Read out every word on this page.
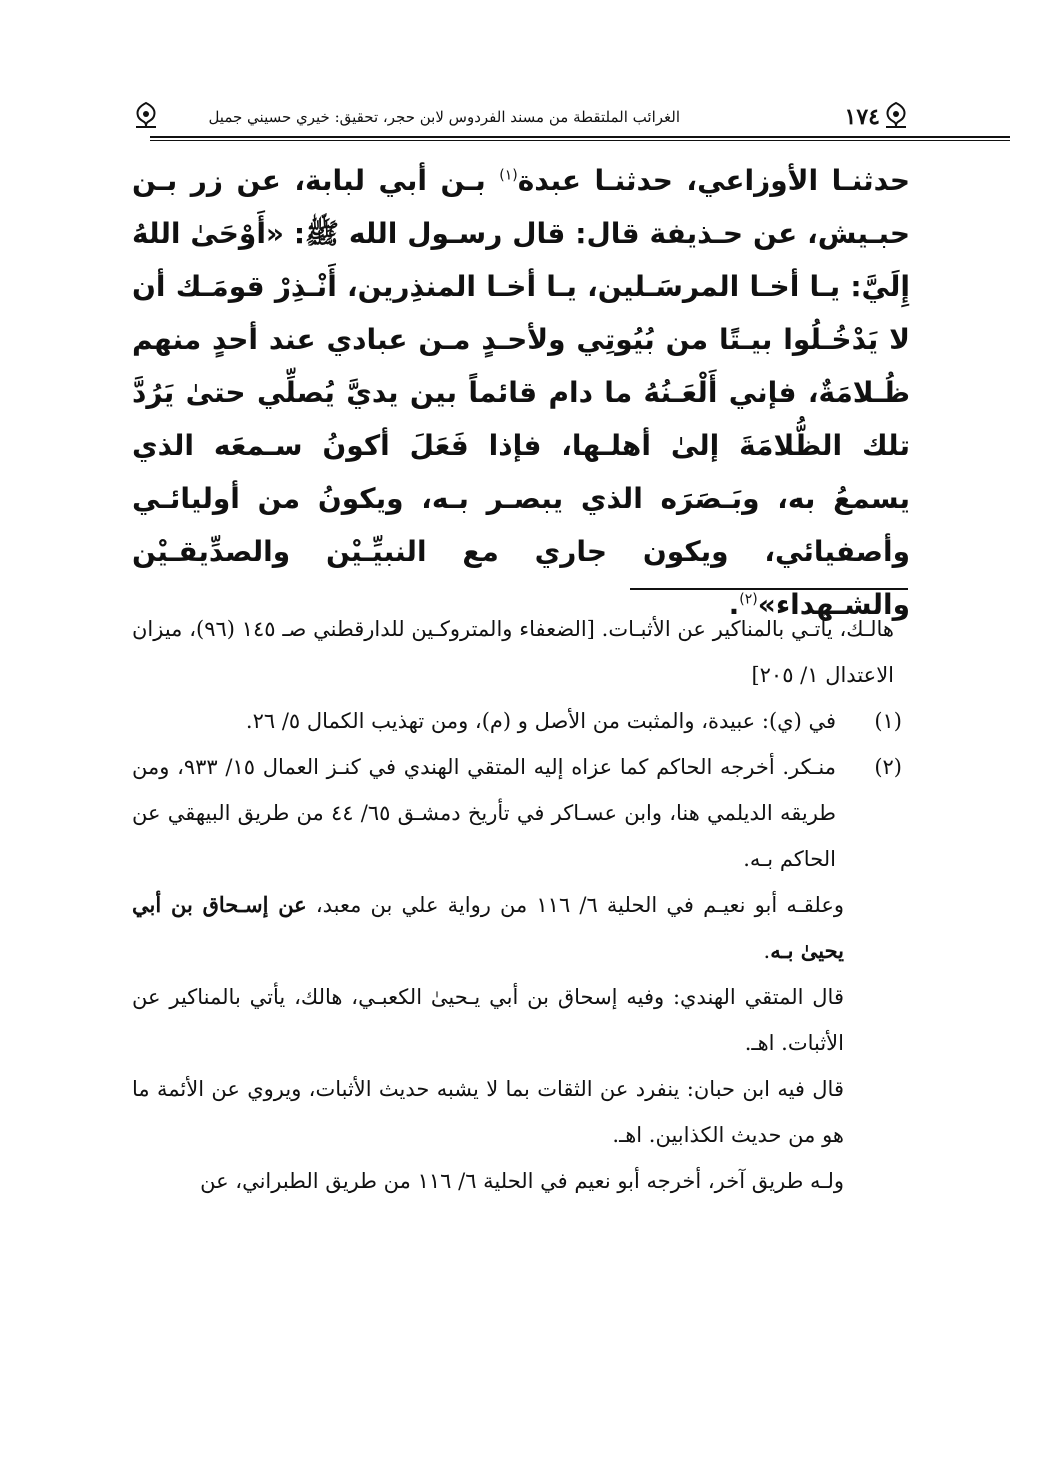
١٧٤
الغرائب الملتقطة من مسند الفردوس لابن حجر، تحقيق: خيري حسيني جميل

حدثنـا الأوزاعي، حدثنـا عبدة$^{(١)}$ بـن أبي لبابة، عن زر بـن حبـيش، عن حـذيفة قال: قال رسـول الله ﷺ: «أَوْحَىٰ اللهُ إِلَيَّ: يـا أخـا المرسَـلين، يـا أخـا المنذِرين، أَنْـذِرْ قومَـك أن لا يَدْخُـلُوا بيـتًا من بُيُوتِي ولأحـدٍ مـن عبادي عند أحدٍ منهم ظُـلامَةٌ، فإني أَلْعَـنُهُ ما دام قائماً بين يديَّ يُصلِّي حتىٰ يَرُدَّ تلك الظُّلامَةَ إلىٰ أهلـها، فإذا فَعَلَ أكونُ سـمعَه الذي يسمعُ به، وبَـصَرَه الذي يبصـر بـه، ويكونُ من أوليائـي وأصفيائي، ويكون جاري مع النبيِّـيْن والصدِّيقـيْن والشـهداء»$^{(٢)}$.

هالـك، يأتـي بالمناكير عن الأثبـات. [الضعفاء والمتروكـين للدارقطني صـ ١٤٥ (٩٦)، ميزان الاعتدال ١/ ٢٠٥]

(١)
في (ي): عبيدة، والمثبت من الأصل و (م)، ومن تهذيب الكمال ٥/ ٢٦.

(٢)
منـكر. أخرجه الحاكم كما عزاه إليه المتقي الهندي في كنـز العمال ١٥/ ٩٣٣، ومن طريقه الديلمي هنا، وابن عسـاكر في تأريخ دمشـق ٦٥/ ٤٤ من طريق البيهقي عن الحاكم بـه.

وعلقـه أبو نعيـم في الحلية ٦/ ١١٦ من رواية علي بن معبد، عن إسـحاق بن أبي يحيىٰ بـه.

قال المتقي الهندي: وفيه إسحاق بن أبي يـحيىٰ الكعبـي، هالك، يأتي بالمناكير عن الأثبات. اهـ.

قال فيه ابن حبان: ينفرد عن الثقات بما لا يشبه حديث الأثبات، ويروي عن الأئمة ما هو من حديث الكذابين. اهـ.

ولـه طريق آخر، أخرجه أبو نعيم في الحلية ٦/ ١١٦ من طريق الطبراني، عن
